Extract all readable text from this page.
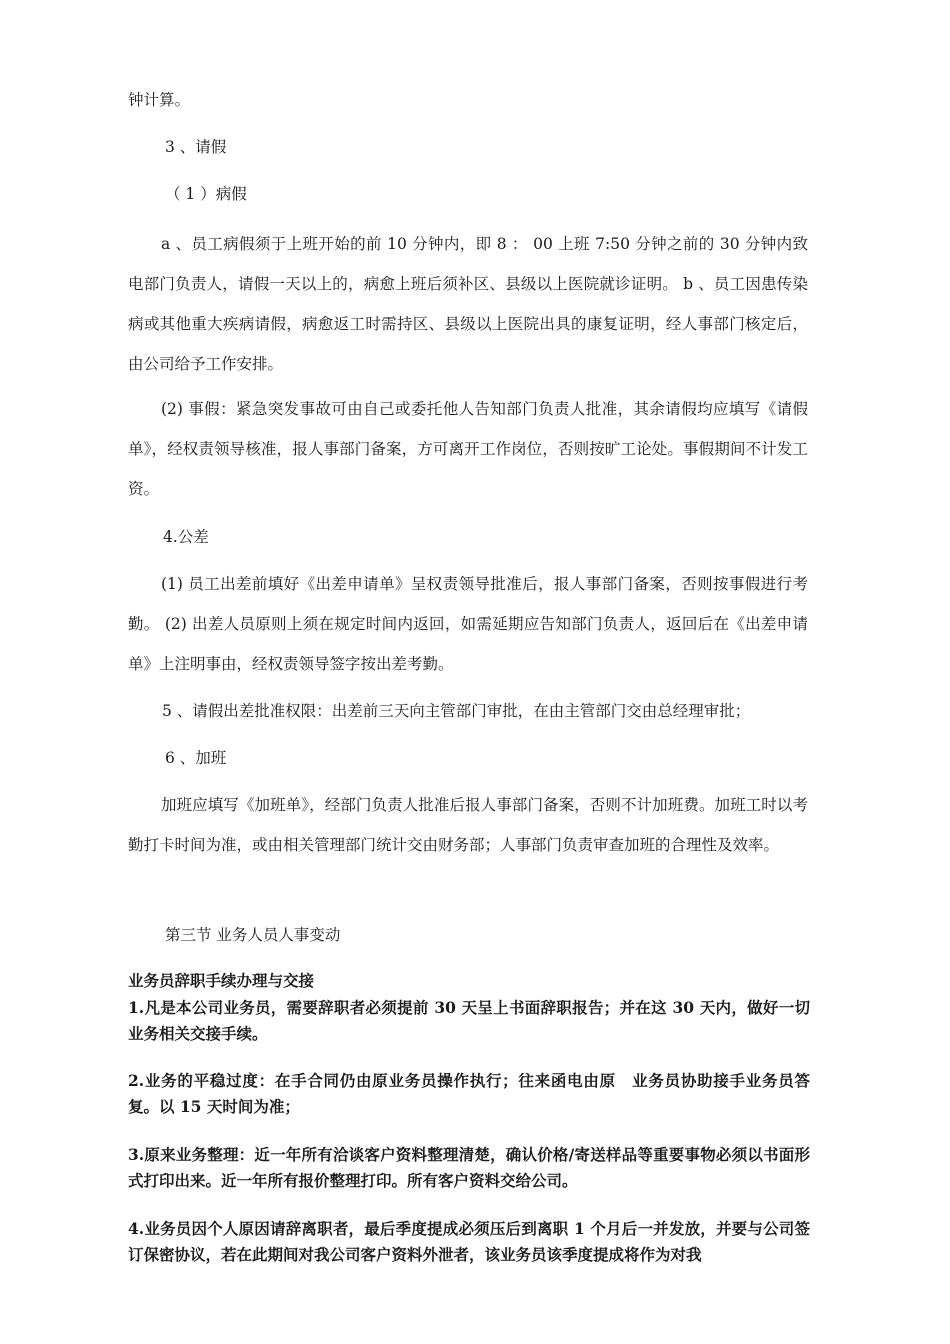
钟计算。
3 、请假
（ 1 ）病假
a 、员工病假须于上班开始的前 10 分钟内，即 8 ： 00 上班 7:50 分钟之前的 30 分钟内致电部门负责人，请假一天以上的，病愈上班后须补区、县级以上医院就诊证明。 b 、员工因患传染病或其他重大疾病请假，病愈返工时需持区、县级以上医院出具的康复证明，经人事部门核定后，由公司给予工作安排。
(2) 事假：紧急突发事故可由自己或委托他人告知部门负责人批准，其余请假均应填写《请假单》，经权责领导核准，报人事部门备案，方可离开工作岗位，否则按旷工论处。事假期间不计发工资。
4.公差
(1) 员工出差前填好《出差申请单》呈权责领导批准后，报人事部门备案，否则按事假进行考勤。 (2) 出差人员原则上须在规定时间内返回，如需延期应告知部门负责人，返回后在《出差申请单》上注明事由，经权责领导签字按出差考勤。
5 、请假出差批准权限：出差前三天向主管部门审批，在由主管部门交由总经理审批；
6 、加班
加班应填写《加班单》，经部门负责人批准后报人事部门备案，否则不计加班费。加班工时以考勤打卡时间为准，或由相关管理部门统计交由财务部；人事部门负责审查加班的合理性及效率。
第三节 业务人员人事变动
业务员辞职手续办理与交接
1.凡是本公司业务员，需要辞职者必须提前 30 天呈上书面辞职报告；并在这 30 天内，做好一切业务相关交接手续。
2.业务的平稳过度：在手合同仍由原业务员操作执行；往来函电由原　业务员协助接手业务员答复。以 15 天时间为准；
3.原来业务整理：近一年所有洽谈客户资料整理清楚，确认价格/寄送样品等重要事物必须以书面形式打印出来。近一年所有报价整理打印。所有客户资料交给公司。
4.业务员因个人原因请辞离职者，最后季度提成必须压后到离职 1 个月后一并发放，并要与公司签订保密协议，若在此期间对我公司客户资料外泄者，该业务员该季度提成将作为对我
